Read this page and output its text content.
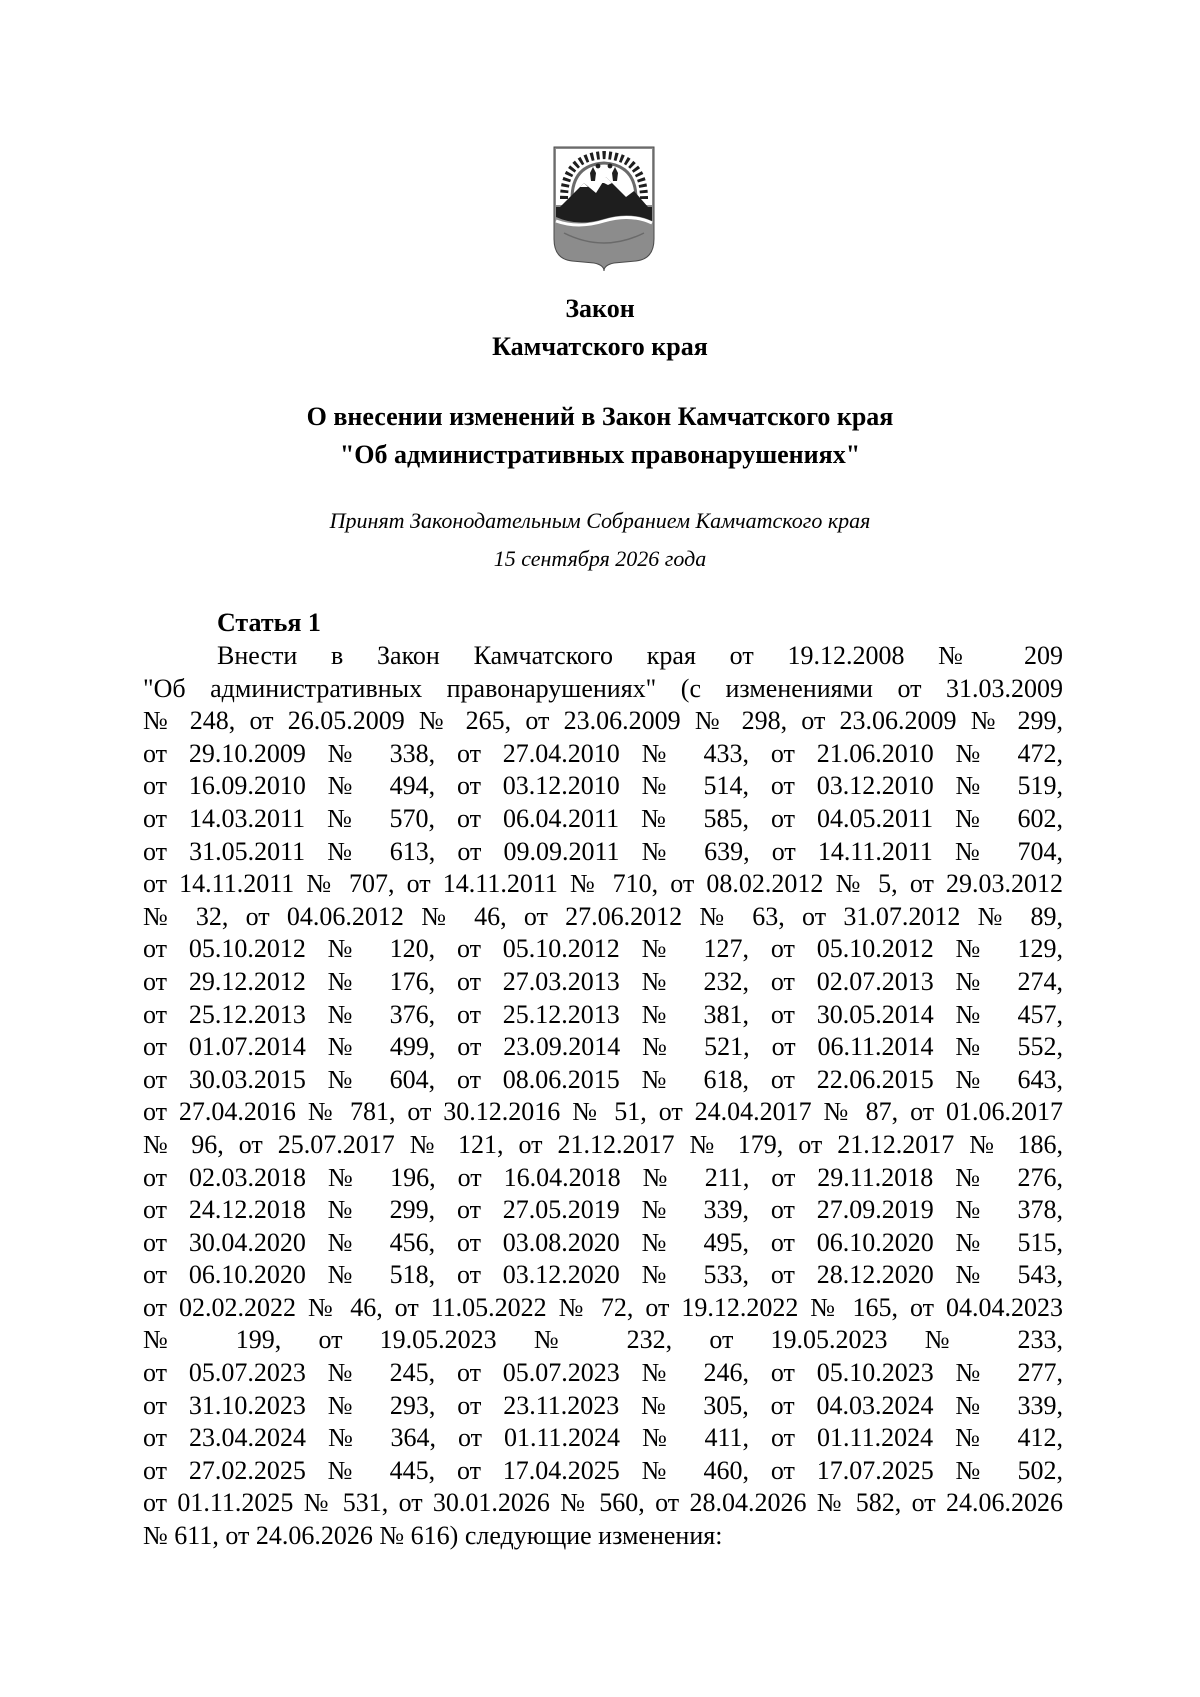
Закон
Камчатского края
О внесении изменений в Закон Камчатского края
"Об административных правонарушениях"
Принят Законодательным Собранием Камчатского края
15 сентября 2026 года
Статья 1
Внести в Закон Камчатского края от 19.12.2008 № 209
"Об административных правонарушениях" (с изменениями от 31.03.2009
№ 248, от 26.05.2009 № 265, от 23.06.2009 № 298, от 23.06.2009 № 299,
от 29.10.2009 № 338, от 27.04.2010 № 433, от 21.06.2010 № 472,
от 16.09.2010 № 494, от 03.12.2010 № 514, от 03.12.2010 № 519,
от 14.03.2011 № 570, от 06.04.2011 № 585, от 04.05.2011 № 602,
от 31.05.2011 № 613, от 09.09.2011 № 639, от 14.11.2011 № 704,
от 14.11.2011 № 707, от 14.11.2011 № 710, от 08.02.2012 № 5, от 29.03.2012
№ 32, от 04.06.2012 № 46, от 27.06.2012 № 63, от 31.07.2012 № 89,
от 05.10.2012 № 120, от 05.10.2012 № 127, от 05.10.2012 № 129,
от 29.12.2012 № 176, от 27.03.2013 № 232, от 02.07.2013 № 274,
от 25.12.2013 № 376, от 25.12.2013 № 381, от 30.05.2014 № 457,
от 01.07.2014 № 499, от 23.09.2014 № 521, от 06.11.2014 № 552,
от 30.03.2015 № 604, от 08.06.2015 № 618, от 22.06.2015 № 643,
от 27.04.2016 № 781, от 30.12.2016 № 51, от 24.04.2017 № 87, от 01.06.2017
№ 96, от 25.07.2017 № 121, от 21.12.2017 № 179, от 21.12.2017 № 186,
от 02.03.2018 № 196, от 16.04.2018 № 211, от 29.11.2018 № 276,
от 24.12.2018 № 299, от 27.05.2019 № 339, от 27.09.2019 № 378,
от 30.04.2020 № 456, от 03.08.2020 № 495, от 06.10.2020 № 515,
от 06.10.2020 № 518, от 03.12.2020 № 533, от 28.12.2020 № 543,
от 02.02.2022 № 46, от 11.05.2022 № 72, от 19.12.2022 № 165, от 04.04.2023
№ 199, от 19.05.2023 № 232, от 19.05.2023 № 233,
от 05.07.2023 № 245, от 05.07.2023 № 246, от 05.10.2023 № 277,
от 31.10.2023 № 293, от 23.11.2023 № 305, от 04.03.2024 № 339,
от 23.04.2024 № 364, от 01.11.2024 № 411, от 01.11.2024 № 412,
от 27.02.2025 № 445, от 17.04.2025 № 460, от 17.07.2025 № 502,
от 01.11.2025 № 531, от 30.01.2026 № 560, от 28.04.2026 № 582, от 24.06.2026
№ 611, от 24.06.2026 № 616) следующие изменения:
